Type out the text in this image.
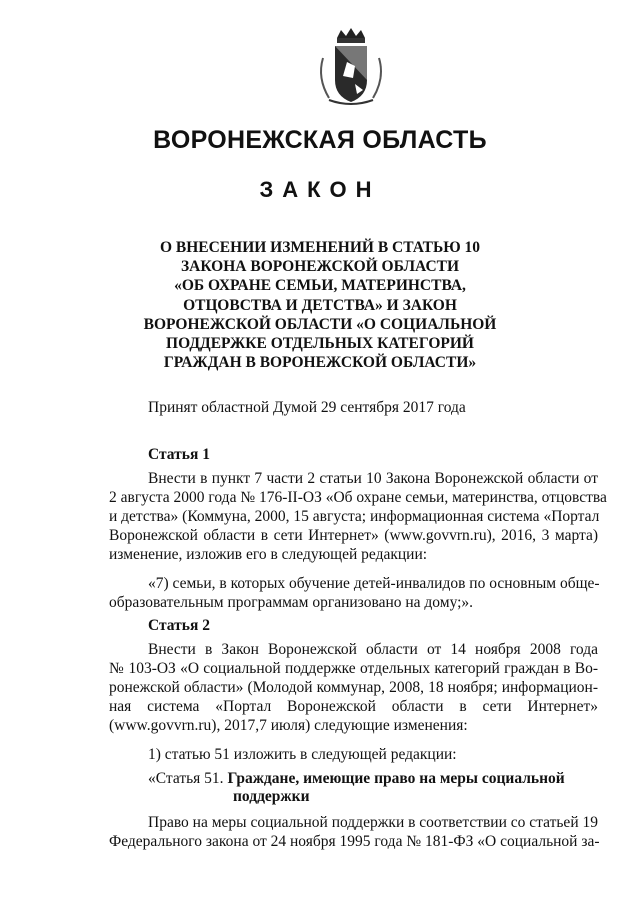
ВОРОНЕЖСКАЯ ОБЛАСТЬ
ЗАКОН
О ВНЕСЕНИИ ИЗМЕНЕНИЙ В СТАТЬЮ 10
ЗАКОНА ВОРОНЕЖСКОЙ ОБЛАСТИ
«ОБ ОХРАНЕ СЕМЬИ, МАТЕРИНСТВА,
ОТЦОВСТВА И ДЕТСТВА» И ЗАКОН
ВОРОНЕЖСКОЙ ОБЛАСТИ «О СОЦИАЛЬНОЙ
ПОДДЕРЖКЕ ОТДЕЛЬНЫХ КАТЕГОРИЙ
ГРАЖДАН В ВОРОНЕЖСКОЙ ОБЛАСТИ»
Принят областной Думой 29 сентября 2017 года
Статья 1
Внести в пункт 7 части 2 статьи 10 Закона Воронежской области от
2 августа 2000 года № 176-II-ОЗ «Об охране семьи, материнства, отцовства
и детства» (Коммуна, 2000, 15 августа; информационная система «Портал
Воронежской области в сети Интернет» (www.govvrn.ru), 2016, 3 марта)
изменение, изложив его в следующей редакции:
«7) семьи, в которых обучение детей-инвалидов по основным обще-
образовательным программам организовано на дому;».
Статья 2
Внести в Закон Воронежской области от 14 ноября 2008 года
№ 103-ОЗ «О социальной поддержке отдельных категорий граждан в Во-
ронежской области» (Молодой коммунар, 2008, 18 ноября; информацион-
ная система «Портал Воронежской области в сети Интернет»
(www.govvrn.ru), 2017,7 июля) следующие изменения:
1) статью 51 изложить в следующей редакции:
«Статья 51. Граждане, имеющие право на меры социальной
поддержки
Право на меры социальной поддержки в соответствии со статьей 19
Федерального закона от 24 ноября 1995 года № 181-ФЗ «О социальной за-
